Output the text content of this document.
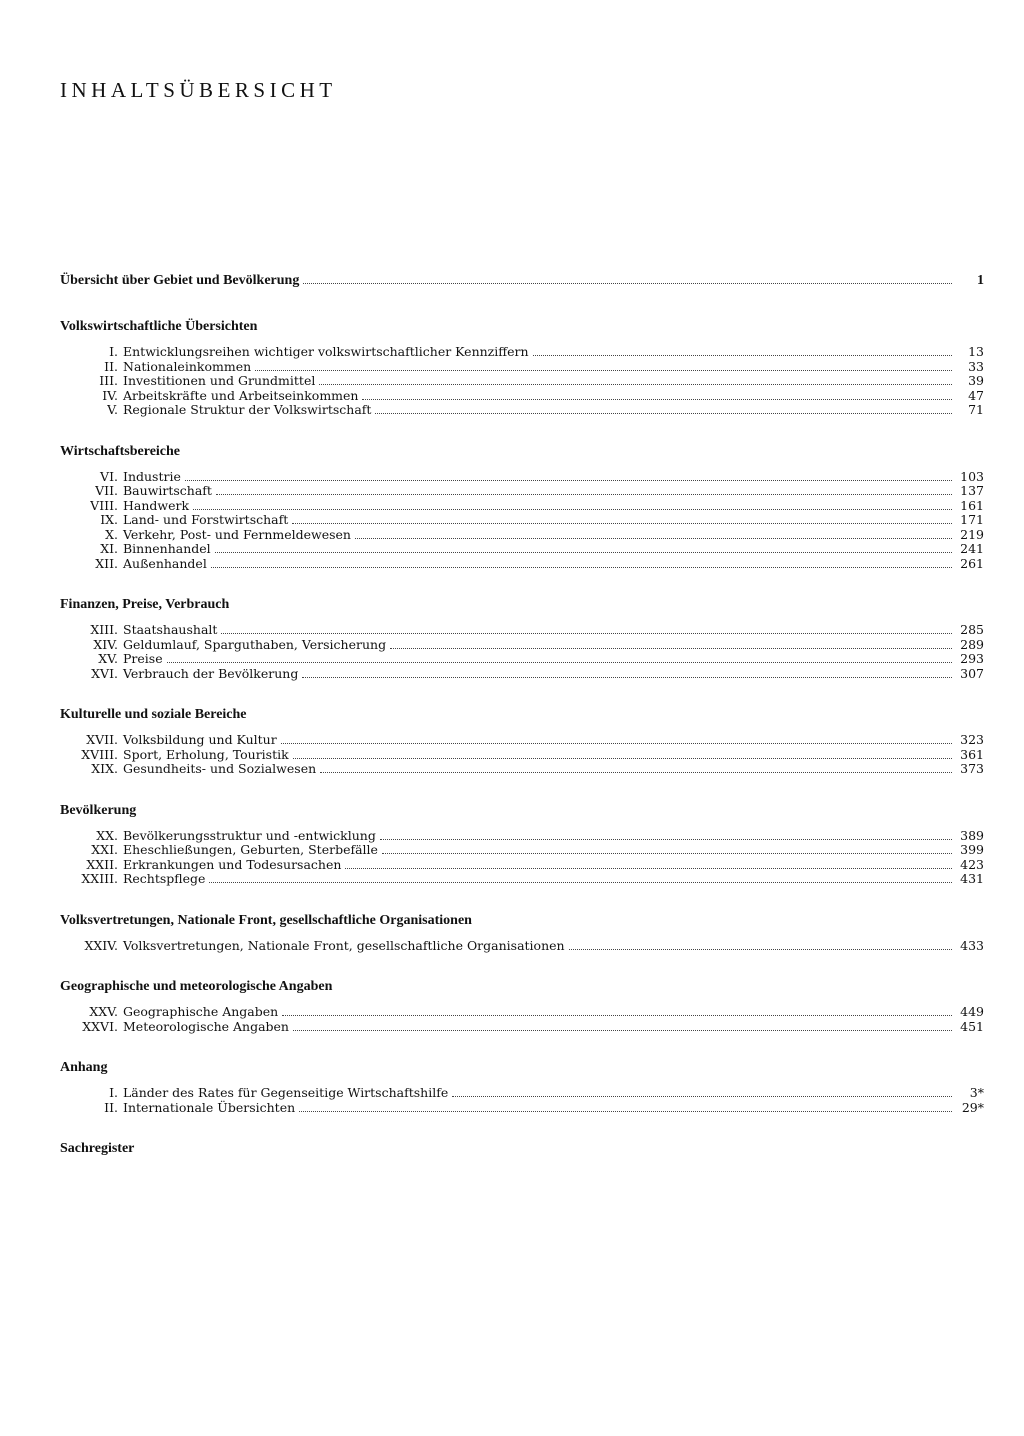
INHALTSÜBERSICHT
Übersicht über Gebiet und Bevölkerung	1
Volkswirtschaftliche Übersichten
I. Entwicklungsreihen wichtiger volkswirtschaftlicher Kennziffern	13
II. Nationaleinkommen	33
III. Investitionen und Grundmittel	39
IV. Arbeitskräfte und Arbeitseinkommen	47
V. Regionale Struktur der Volkswirtschaft	71
Wirtschaftsbereiche
VI. Industrie	103
VII. Bauwirtschaft	137
VIII. Handwerk	161
IX. Land- und Forstwirtschaft	171
X. Verkehr, Post- und Fernmeldewesen	219
XI. Binnenhandel	241
XII. Außenhandel	261
Finanzen, Preise, Verbrauch
XIII. Staatshaushalt	285
XIV. Geldumlauf, Sparguthaben, Versicherung	289
XV. Preise	293
XVI. Verbrauch der Bevölkerung	307
Kulturelle und soziale Bereiche
XVII. Volksbildung und Kultur	323
XVIII. Sport, Erholung, Touristik	361
XIX. Gesundheits- und Sozialwesen	373
Bevölkerung
XX. Bevölkerungsstruktur und -entwicklung	389
XXI. Eheschließungen, Geburten, Sterbefälle	399
XXII. Erkrankungen und Todesursachen	423
XXIII. Rechtspflege	431
Volksvertretungen, Nationale Front, gesellschaftliche Organisationen
XXIV. Volksvertretungen, Nationale Front, gesellschaftliche Organisationen	433
Geographische und meteorologische Angaben
XXV. Geographische Angaben	449
XXVI. Meteorologische Angaben	451
Anhang
I. Länder des Rates für Gegenseitige Wirtschaftshilfe	3*
II. Internationale Übersichten	29*
Sachregister
